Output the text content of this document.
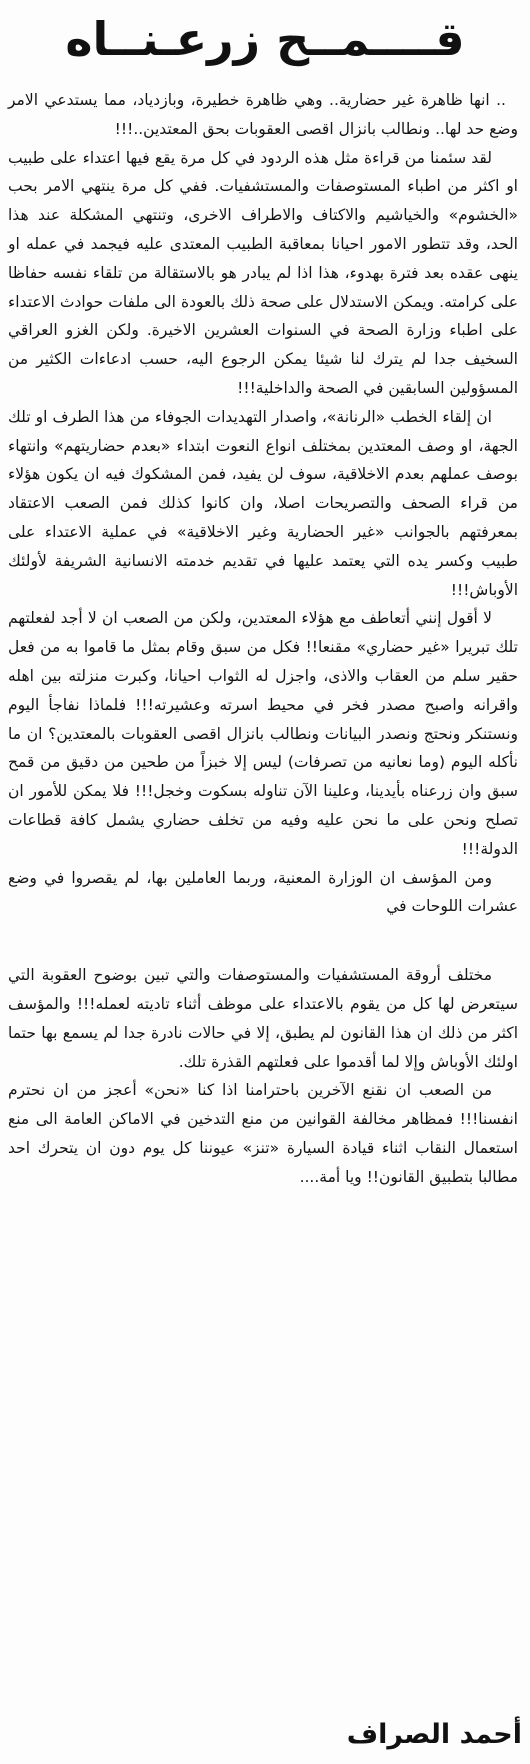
قــــمــح زرعـنــاه

.. انها ظاهرة غير حضارية.. وهي ظاهرة خطيرة، وبازدياد، مما يستدعي الامر وضع حد لها.. ونطالب بانزال اقصى العقوبات بحق المعتدين..!!!

لقد سئمنا من قراءة مثل هذه الردود في كل مرة يقع فيها اعتداء على طبيب او اكثر من اطباء المستوصفات والمستشفيات. ففي كل مرة ينتهي الامر بحب «الخشوم» والخياشيم والاكتاف والاطراف الاخرى، وتنتهي المشكلة عند هذا الحد، وقد تتطور الامور احيانا بمعاقبة الطبيب المعتدى عليه فيجمد في عمله او ينهى عقده بعد فترة بهدوء، هذا اذا لم يبادر هو بالاستقالة من تلقاء نفسه حفاظا على كرامته. ويمكن الاستدلال على صحة ذلك بالعودة الى ملفات حوادث الاعتداء على اطباء وزارة الصحة في السنوات العشرين الاخيرة. ولكن الغزو العراقي السخيف جدا لم يترك لنا شيئا يمكن الرجوع اليه، حسب ادعاءات الكثير من المسؤولين السابقين في الصحة والداخلية!!!

ان إلقاء الخطب «الرنانة»، واصدار التهديدات الجوفاء من هذا الطرف او تلك الجهة، او وصف المعتدين بمختلف انواع النعوت ابتداء «بعدم حضاريتهم» وانتهاء بوصف عملهم بعدم الاخلاقية، سوف لن يفيد، فمن المشكوك فيه ان يكون هؤلاء من قراء الصحف والتصريحات اصلا، وان كانوا كذلك فمن الصعب الاعتقاد بمعرفتهم بالجوانب «غير الحضارية وغير الاخلاقية» في عملية الاعتداء على طبيب وكسر يده التي يعتمد عليها في تقديم خدمته الانسانية الشريفة لأولئك الأوباش!!!

لا أقول إنني أتعاطف مع هؤلاء المعتدين، ولكن من الصعب ان لا أجد لفعلتهم تلك تبريرا «غير حضاري» مقنعا!! فكل من سبق وقام بمثل ما قاموا به من فعل حقير سلم من العقاب والاذى، واجزل له الثواب احيانا، وكبرت منزلته بين اهله واقرانه واصبح مصدر فخر في محيط اسرته وعشيرته!!! فلماذا نفاجأ اليوم ونستنكر ونحتج ونصدر البيانات ونطالب بانزال اقصى العقوبات بالمعتدين؟ ان ما نأكله اليوم (وما نعانيه من تصرفات) ليس إلا خبزاً من طحين من دقيق من قمح سبق وان زرعناه بأيدينا، وعلينا الآن تناوله بسكوت وخجل!!! فلا يمكن للأمور ان تصلح ونحن على ما نحن عليه وفيه من تخلف حضاري يشمل كافة قطاعات الدولة!!!

ومن المؤسف ان الوزارة المعنية، وربما العاملين بها، لم يقصروا في وضع عشرات اللوحات في

مختلف أروقة المستشفيات والمستوصفات والتي تبين بوضوح العقوبة التي سيتعرض لها كل من يقوم بالاعتداء على موظف أثناء تاديته لعمله!!! والمؤسف اكثر من ذلك ان هذا القانون لم يطبق، إلا في حالات نادرة جدا لم يسمع بها حتما اولئك الأوباش وإلا لما أقدموا على فعلتهم القذرة تلك.

من الصعب ان نقنع الآخرين باحترامنا اذا كنا «نحن» أعجز من ان نحترم انفسنا!!! فمظاهر مخالفة القوانين من منع التدخين في الاماكن العامة الى منع استعمال النقاب اثناء قيادة السيارة «تنز» عيوننا كل يوم دون ان يتحرك احد مطالبا بتطبيق القانون!! ويا أمة....

أحمد الصراف
